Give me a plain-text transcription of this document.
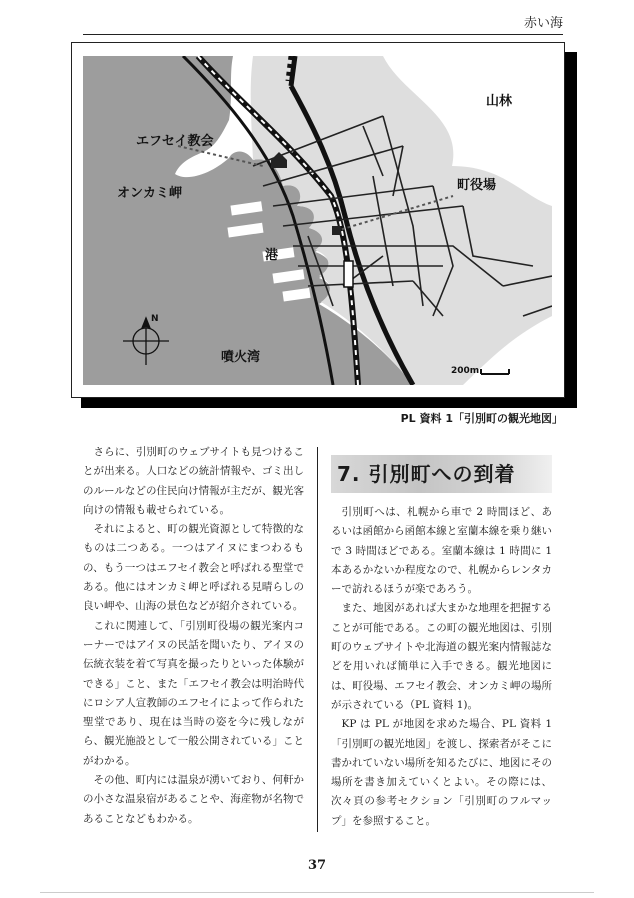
赤い海
山林
エフセイ教会
オンカミ岬
町役場
港
噴火湾
N
200m
PL 資料 1「引別町の観光地図」

さらに、引別町のウェブサイトも見つけることが出来る。人口などの統計情報や、ゴミ出しのルールなどの住民向け情報が主だが、観光客向けの情報も載せられている。

それによると、町の観光資源として特徴的なものは二つある。一つはアイヌにまつわるもの、もう一つはエフセイ教会と呼ばれる聖堂である。他にはオンカミ岬と呼ばれる見晴らしの良い岬や、山海の景色などが紹介されている。

これに関連して、「引別町役場の観光案内コーナーではアイヌの民話を聞いたり、アイヌの伝統衣装を着て写真を撮ったりといった体験ができる」こと、また「エフセイ教会は明治時代にロシア人宣教師のエフセイによって作られた聖堂であり、現在は当時の姿を今に残しながら、観光施設として一般公開されている」ことがわかる。

その他、町内には温泉が湧いており、何軒かの小さな温泉宿があることや、海産物が名物であることなどもわかる。

7. 引別町への到着

引別町へは、札幌から車で 2 時間ほど、あるいは函館から函館本線と室蘭本線を乗り継いで 3 時間ほどである。室蘭本線は 1 時間に 1 本あるかないか程度なので、札幌からレンタカーで訪れるほうが楽であろう。

また、地図があれば大まかな地理を把握することが可能である。この町の観光地図は、引別町のウェブサイトや北海道の観光案内情報誌などを用いれば簡単に入手できる。観光地図には、町役場、エフセイ教会、オンカミ岬の場所が示されている（PL 資料 1)。

KP は PL が地図を求めた場合、PL 資料 1「引別町の観光地図」を渡し、探索者がそこに書かれていない場所を知るたびに、地図にその場所を書き加えていくとよい。その際には、次々頁の参考セクション「引別町のフルマップ」を参照すること。

37
